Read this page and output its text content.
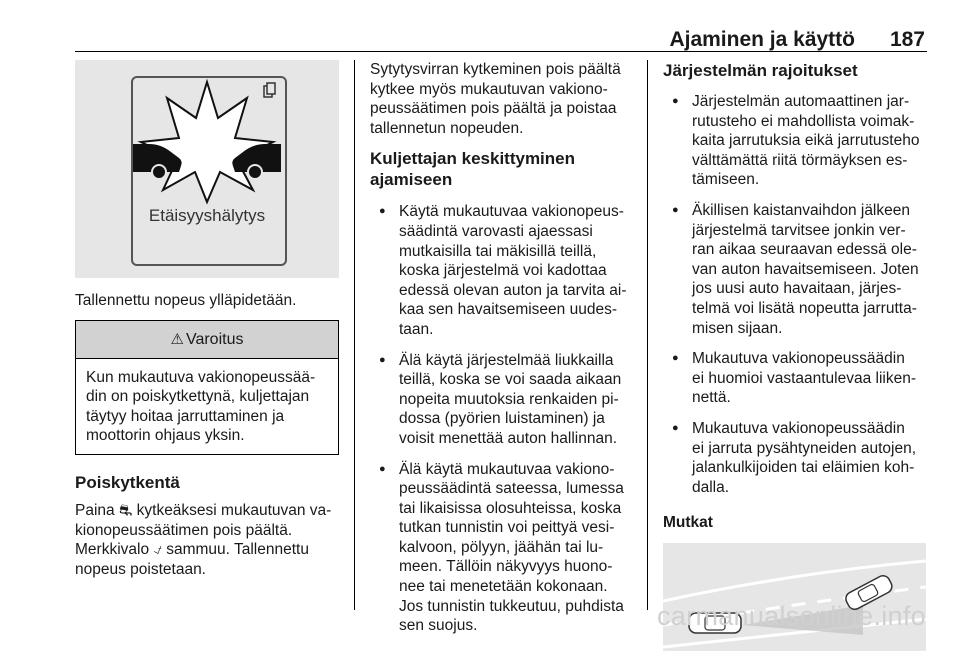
Ajaminen ja käyttö 187
Etäisyyshälytys

Tallennettu nopeus ylläpidetään.

⚠ Varoitus
Kun mukautuva vakionopeussää-
din on poiskytkettynä, kuljettajan
täytyy hoitaa jarruttaminen ja
moottorin ohjaus yksin.
Poiskytkentä
Paina ⛐ kytkeäksesi mukautuvan va-
kionopeussäätimen pois päältä.
Merkkivalo ⍻ sammuu. Tallennettu
nopeus poistetaan.
Sytytysvirran kytkeminen pois päältä
kytkee myös mukautuvan vakiono-
peussäätimen pois päältä ja poistaa
tallennetun nopeuden.
Kuljettajan keskittyminen
ajamiseen
● Käytä mukautuvaa vakionopeus-
säädintä varovasti ajaessasi
mutkaisilla tai mäkisillä teillä,
koska järjestelmä voi kadottaa
edessä olevan auton ja tarvita ai-
kaa sen havaitsemiseen uudes-
taan.
● Älä käytä järjestelmää liukkailla
teillä, koska se voi saada aikaan
nopeita muutoksia renkaiden pi-
dossa (pyörien luistaminen) ja
voisit menettää auton hallinnan.
● Älä käytä mukautuvaa vakiono-
peussäädintä sateessa, lumessa
tai likaisissa olosuhteissa, koska
tutkan tunnistin voi peittyä vesi-
kalvoon, pölyyn, jäähän tai lu-
meen. Tällöin näkyvyys huono-
nee tai menetetään kokonaan.
Jos tunnistin tukkeutuu, puhdista
sen suojus.
Järjestelmän rajoitukset
● Järjestelmän automaattinen jar-
rutusteho ei mahdollista voimak-
kaita jarrutuksia eikä jarrutusteho
välttämättä riitä törmäyksen es-
tämiseen.
● Äkillisen kaistanvaihdon jälkeen
järjestelmä tarvitsee jonkin ver-
ran aikaa seuraavan edessä ole-
van auton havaitsemiseen. Joten
jos uusi auto havaitaan, järjes-
telmä voi lisätä nopeutta jarrutta-
misen sijaan.
● Mukautuva vakionopeussäädin
ei huomioi vastaantulevaa liiken-
nettä.
● Mukautuva vakionopeussäädin
ei jarruta pysähtyneiden autojen,
jalankulkijoiden tai eläimien koh-
dalla.
Mutkat
carmanualsonline.info
